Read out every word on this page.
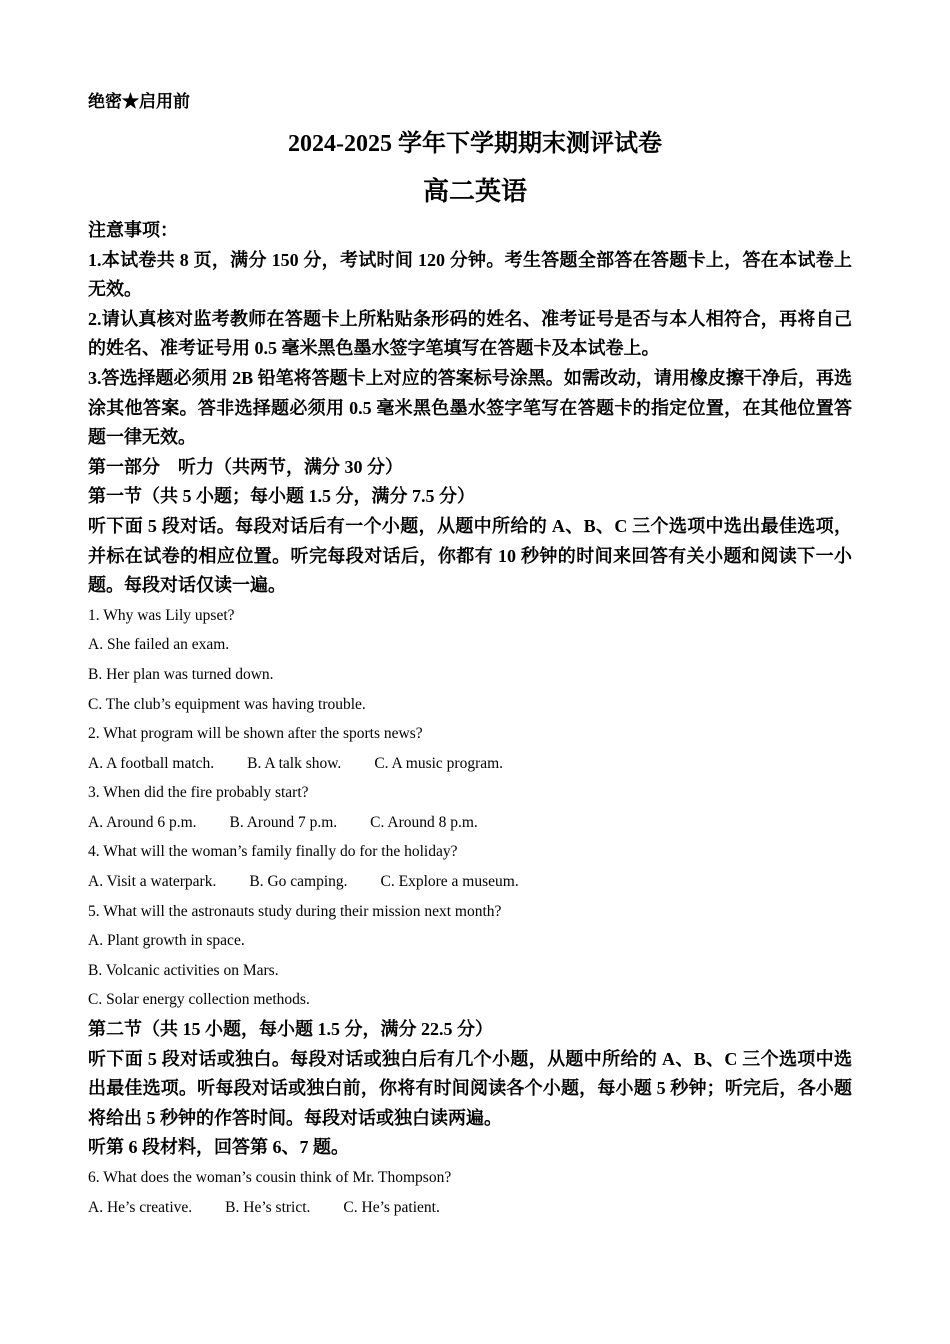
绝密★启用前
2024-2025 学年下学期期末测评试卷
高二英语

注意事项：

1.本试卷共 8 页，满分 150 分，考试时间 120 分钟。考生答题全部答在答题卡上，答在本试卷上无效。

2.请认真核对监考教师在答题卡上所粘贴条形码的姓名、准考证号是否与本人相符合，再将自己的姓名、准考证号用 0.5 毫米黑色墨水签字笔填写在答题卡及本试卷上。

3.答选择题必须用 2B 铅笔将答题卡上对应的答案标号涂黑。如需改动，请用橡皮擦干净后，再选涂其他答案。答非选择题必须用 0.5 毫米黑色墨水签字笔写在答题卡的指定位置，在其他位置答题一律无效。

第一部分　听力（共两节，满分 30 分）

第一节（共 5 小题；每小题 1.5 分，满分 7.5 分）

听下面 5 段对话。每段对话后有一个小题，从题中所给的 A、B、C 三个选项中选出最佳选项，并标在试卷的相应位置。听完每段对话后，你都有 10 秒钟的时间来回答有关小题和阅读下一小题。每段对话仅读一遍。

1. Why was Lily upset?

A. She failed an exam.

B. Her plan was turned down.

C. The club’s equipment was having trouble.

2. What program will be shown after the sports news?

A. A football match. B. A talk show. C. A music program.

3. When did the fire probably start?

A. Around 6 p.m. B. Around 7 p.m. C. Around 8 p.m.

4. What will the woman’s family finally do for the holiday?

A. Visit a waterpark. B. Go camping. C. Explore a museum.

5. What will the astronauts study during their mission next month?

A. Plant growth in space.

B. Volcanic activities on Mars.

C. Solar energy collection methods.

第二节（共 15 小题，每小题 1.5 分，满分 22.5 分）

听下面 5 段对话或独白。每段对话或独白后有几个小题，从题中所给的 A、B、C 三个选项中选出最佳选项。听每段对话或独白前，你将有时间阅读各个小题，每小题 5 秒钟；听完后，各小题将给出 5 秒钟的作答时间。每段对话或独白读两遍。

听第 6 段材料，回答第 6、7 题。

6. What does the woman’s cousin think of Mr. Thompson?

A. He’s creative. B. He’s strict. C. He’s patient.
